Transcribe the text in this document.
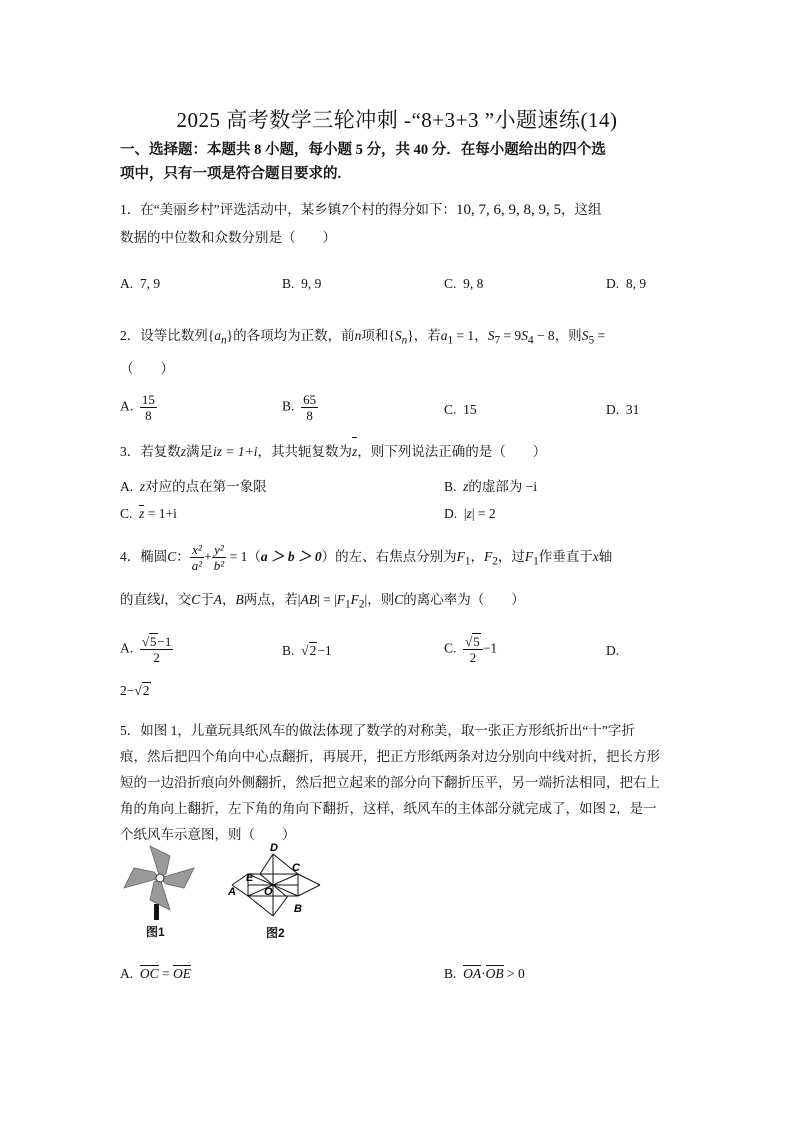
2025 高考数学三轮冲刺 -“8+3+3 ”小题速练(14)
一、选择题：本题共 8 小题，每小题 5 分，共 40 分．在每小题给出的四个选
项中，只有一项是符合题目要求的.
1．在“美丽乡村”评选活动中，某乡镇7个村的得分如下：10, 7, 6, 9, 8, 9, 5，这组
数据的中位数和众数分别是（　　）
A. 7, 9	B. 9, 9	C. 9, 8	D. 8, 9
2．设等比数列$\{a_n\}$的各项均为正数，前n项和$\{S_n\}$，若$a_1 = 1$，$S_7 = 9S_4 - 8$，则$S_5$ =
（　　）
A. $\frac{15}{8}$	B. $\frac{65}{8}$	C. 15	D. 31
3．若复数z满足iz = 1+i，其共轭复数为z，则下列说法正确的是（　　）
A. z对应的点在第一象限	B. z的虚部为 −i
C. z = 1+i	D. |z| = 2
4．椭圆C： $\frac{\text{x²}}{\text{a²}} + \frac{\text{y²}}{\text{b²}} = 1(a > b > 0)$的左、右焦点分别为$F_1$，$F_2$，过$F_1$作垂直于x轴
的直线l，交C于A，B两点，若$|AB| = |F_1F_2|$，则C的离心率为（　　）
A. $\frac{√5-1}{2}$	B. √2−1	C. $\frac{√5}{2} -1$	D.
2−√2
5．如图 1，儿童玩具纸风车的做法体现了数学的对称美，取一张正方形纸折出“十”字折
痕，然后把四个角向中心点翻折，再展开，把正方形纸两条对边分别向中线对折，把长方形
短的一边沿折痕向外侧翻折，然后把立起来的部分向下翻折压平，另一端折法相同，把右上
角的角向上翻折，左下角的角向下翻折，这样，纸风车的主体部分就完成了，如图 2，是一
个纸风车示意图，则（　　）
图1
D
C
E
A	O
B
图2
A. OC = OE	B. OA·OB > 0
